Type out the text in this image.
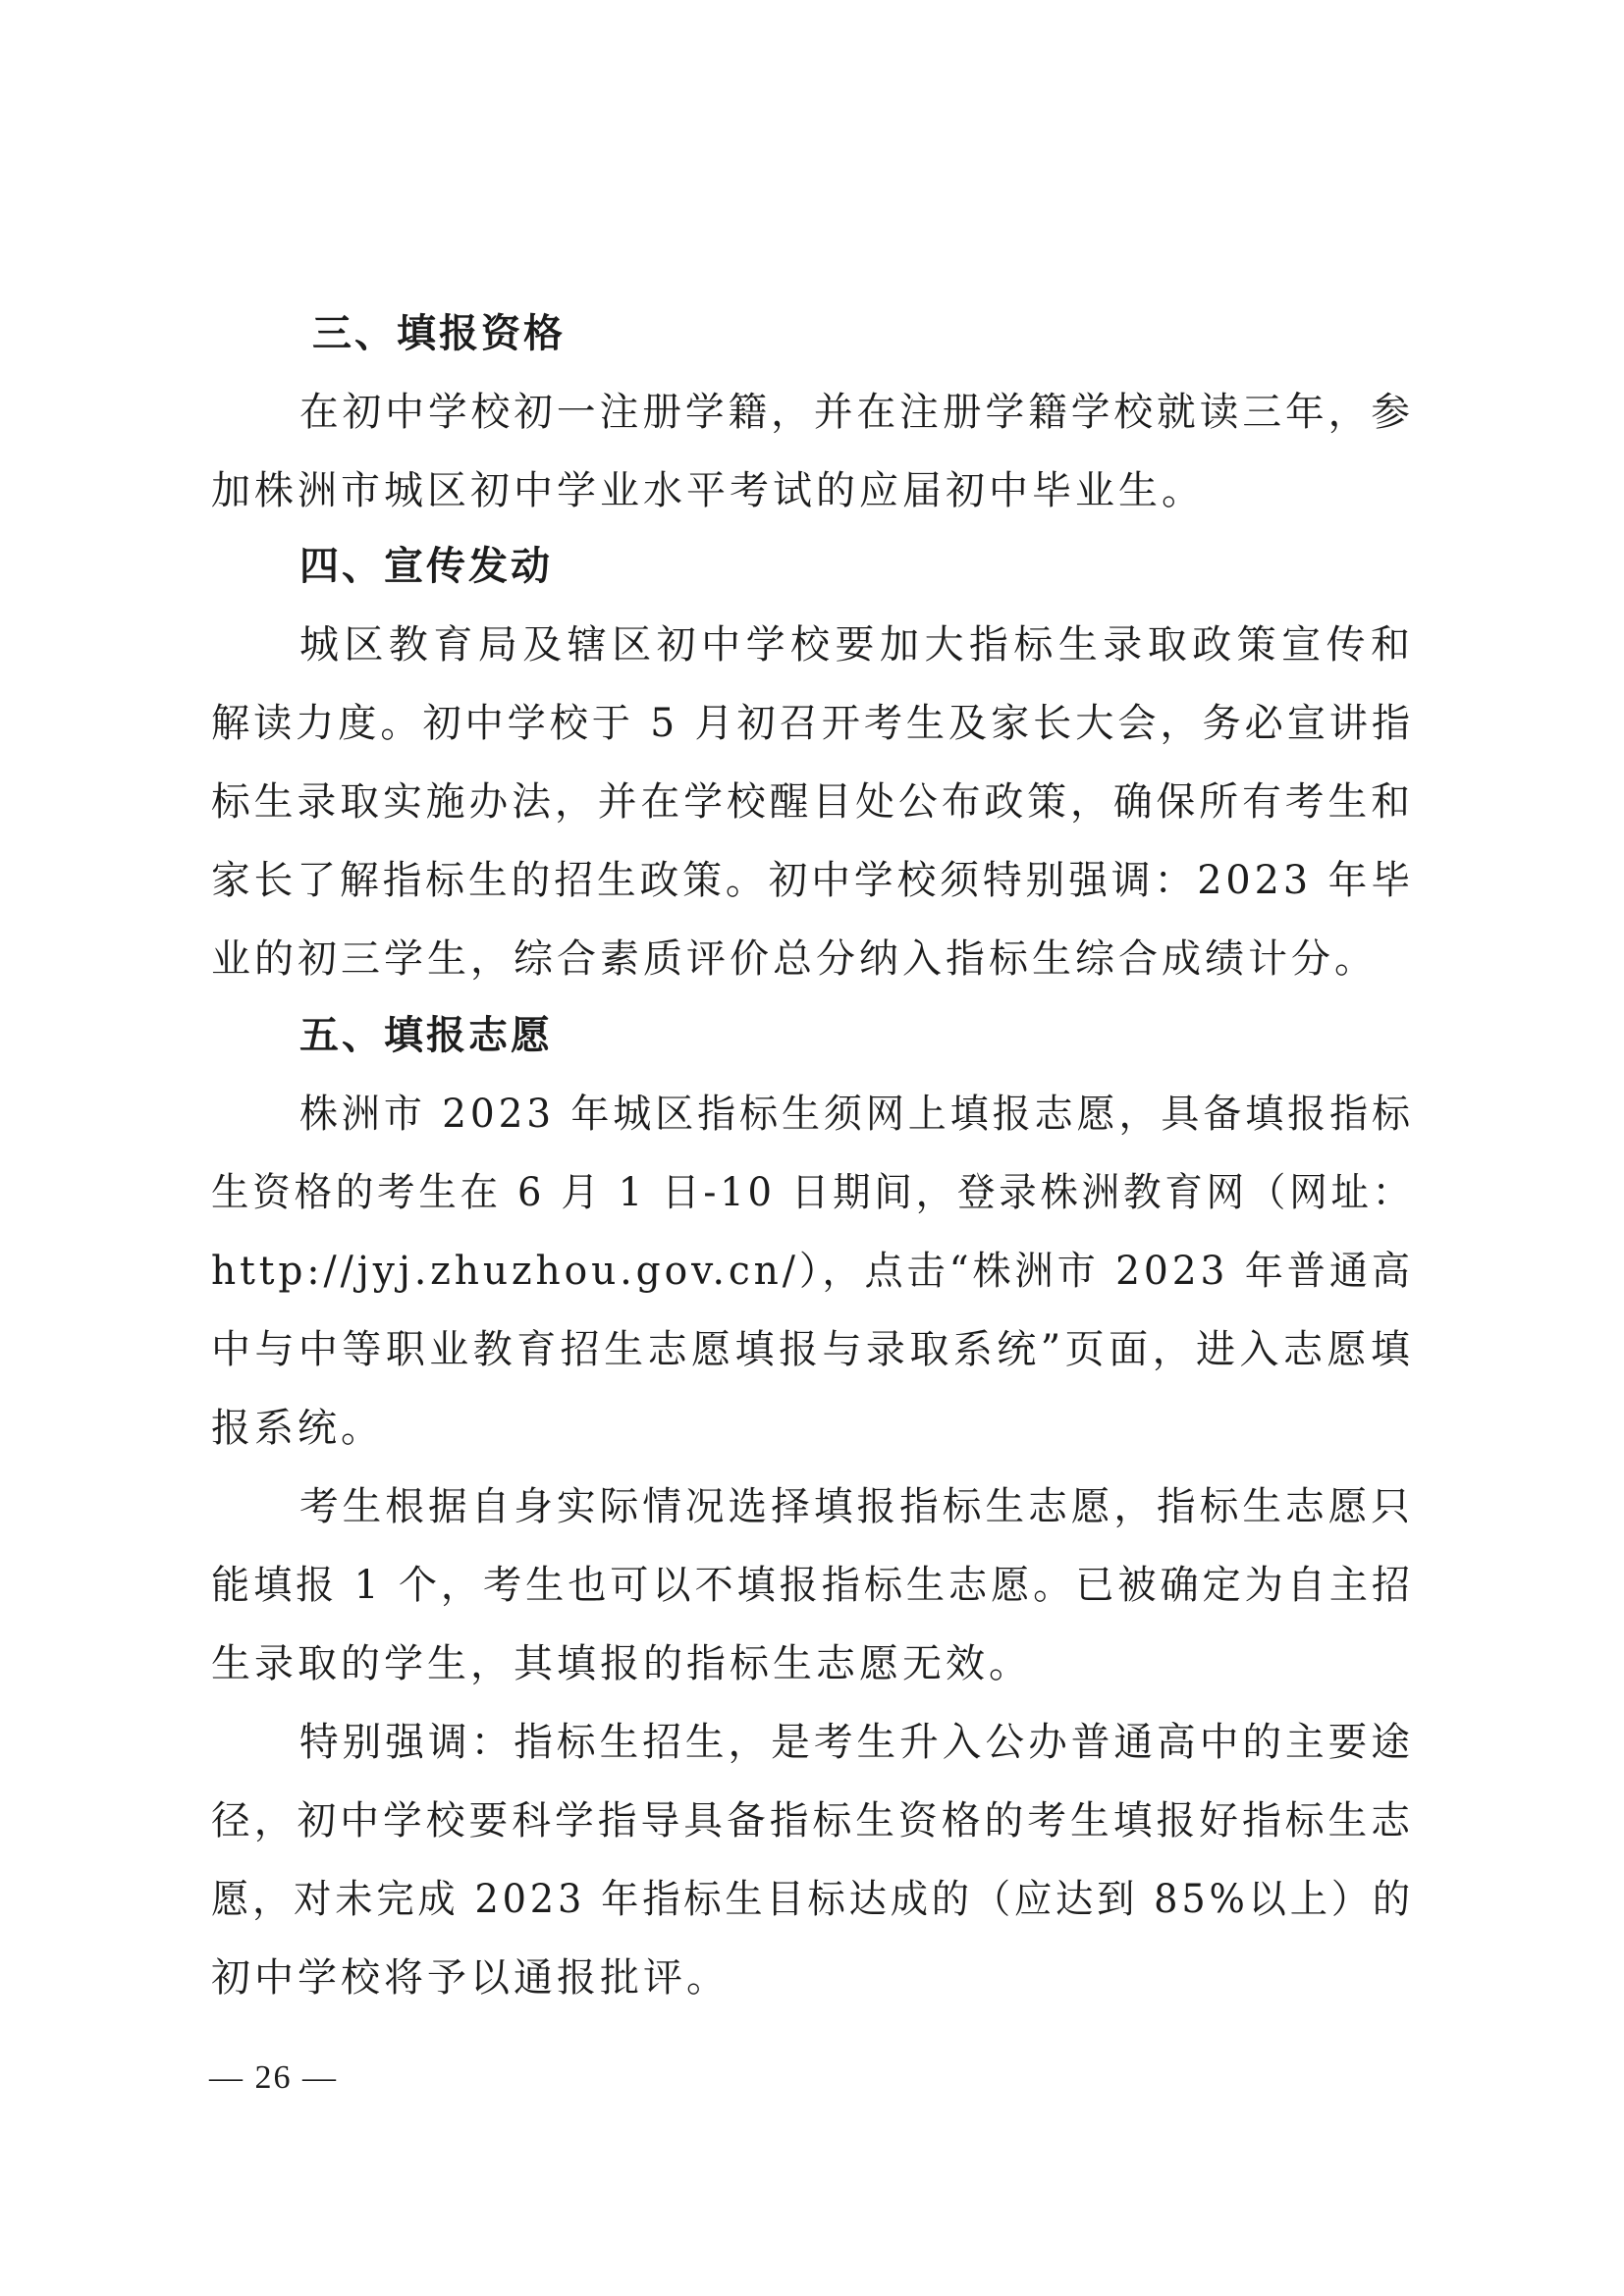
三、填报资格
在初中学校初一注册学籍，并在注册学籍学校就读三年，参
加株洲市城区初中学业水平考试的应届初中毕业生。
四、宣传发动
城区教育局及辖区初中学校要加大指标生录取政策宣传和
解读力度。初中学校于 5 月初召开考生及家长大会，务必宣讲指
标生录取实施办法，并在学校醒目处公布政策，确保所有考生和
家长了解指标生的招生政策。初中学校须特别强调：2023 年毕
业的初三学生，综合素质评价总分纳入指标生综合成绩计分。
五、填报志愿
株洲市 2023 年城区指标生须网上填报志愿，具备填报指标
生资格的考生在 6 月 1 日-10 日期间，登录株洲教育网（网址：
http://jyj.zhuzhou.gov.cn/），点击“株洲市 2023 年普通高
中与中等职业教育招生志愿填报与录取系统”页面，进入志愿填
报系统。
考生根据自身实际情况选择填报指标生志愿，指标生志愿只
能填报 1 个，考生也可以不填报指标生志愿。已被确定为自主招
生录取的学生，其填报的指标生志愿无效。
特别强调：指标生招生，是考生升入公办普通高中的主要途
径，初中学校要科学指导具备指标生资格的考生填报好指标生志
愿，对未完成 2023 年指标生目标达成的（应达到 85%以上）的
初中学校将予以通报批评。
— 26 —
